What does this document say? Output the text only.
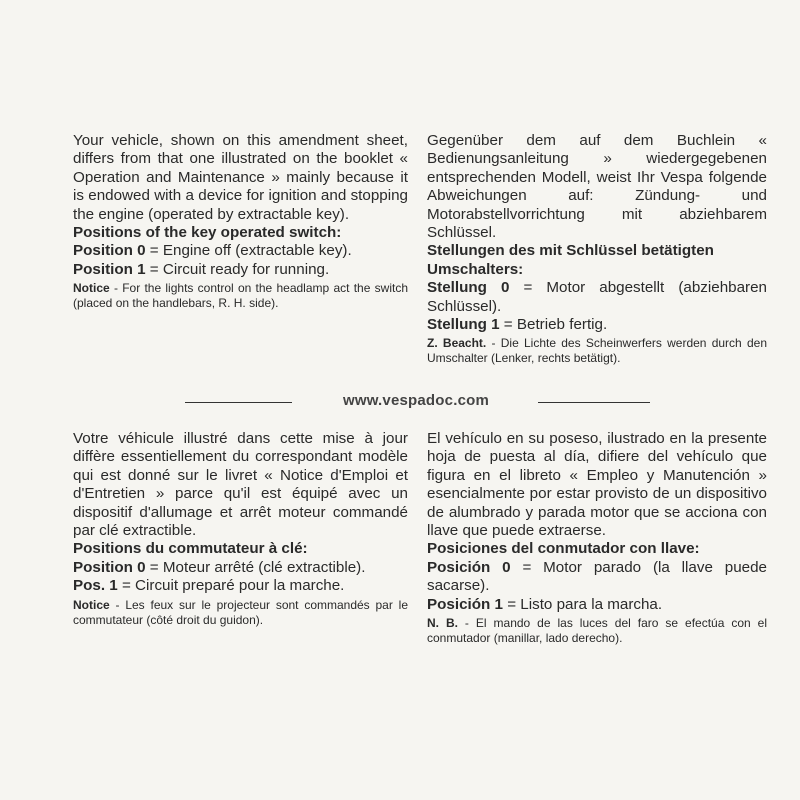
Your vehicle, shown on this amendment sheet, differs from that one illustrated on the booklet « Operation and Maintenance » mainly because it is endowed with a device for ignition and stopping the engine (operated by extractable key).

Positions of the key operated switch:

Position 0 = Engine off (extractable key).

Position 1 = Circuit ready for running.

Notice - For the lights control on the headlamp act the switch (placed on the handlebars, R. H. side).

Gegenüber dem auf dem Buchlein « Bedienungsanleitung » wiedergegebenen entsprechenden Modell, weist Ihr Vespa folgende Abweichungen auf: Zündung- und Motorabstellvorrichtung mit abziehbarem Schlüssel.

Stellungen des mit Schlüssel betätigten Umschalters:

Stellung 0 = Motor abgestellt (abziehbaren Schlüssel).

Stellung 1 = Betrieb fertig.

Z. Beacht. - Die Lichte des Scheinwerfers werden durch den Umschalter (Lenker, rechts betätigt).

www.vespadoc.com

Votre véhicule illustré dans cette mise à jour diffère essentiellement du correspondant modèle qui est donné sur le livret « Notice d'Emploi et d'Entretien » parce qu'il est équipé avec un dispositif d'allumage et arrêt moteur commandé par clé extractible.

Positions du commutateur à clé:

Position 0 = Moteur arrêté (clé extractible).

Pos. 1 = Circuit preparé pour la marche.

Notice - Les feux sur le projecteur sont commandés par le commutateur (côté droit du guidon).

El vehículo en su poseso, ilustrado en la presente hoja de puesta al día, difiere del vehículo que figura en el libreto « Empleo y Manutención » esencialmente por estar provisto de un dispositivo de alumbrado y parada motor que se acciona con llave que puede extraerse.

Posiciones del conmutador con llave:

Posición 0 = Motor parado (la llave puede sacarse).

Posición 1 = Listo para la marcha.

N. B. - El mando de las luces del faro se efectúa con el conmutador (manillar, lado derecho).
